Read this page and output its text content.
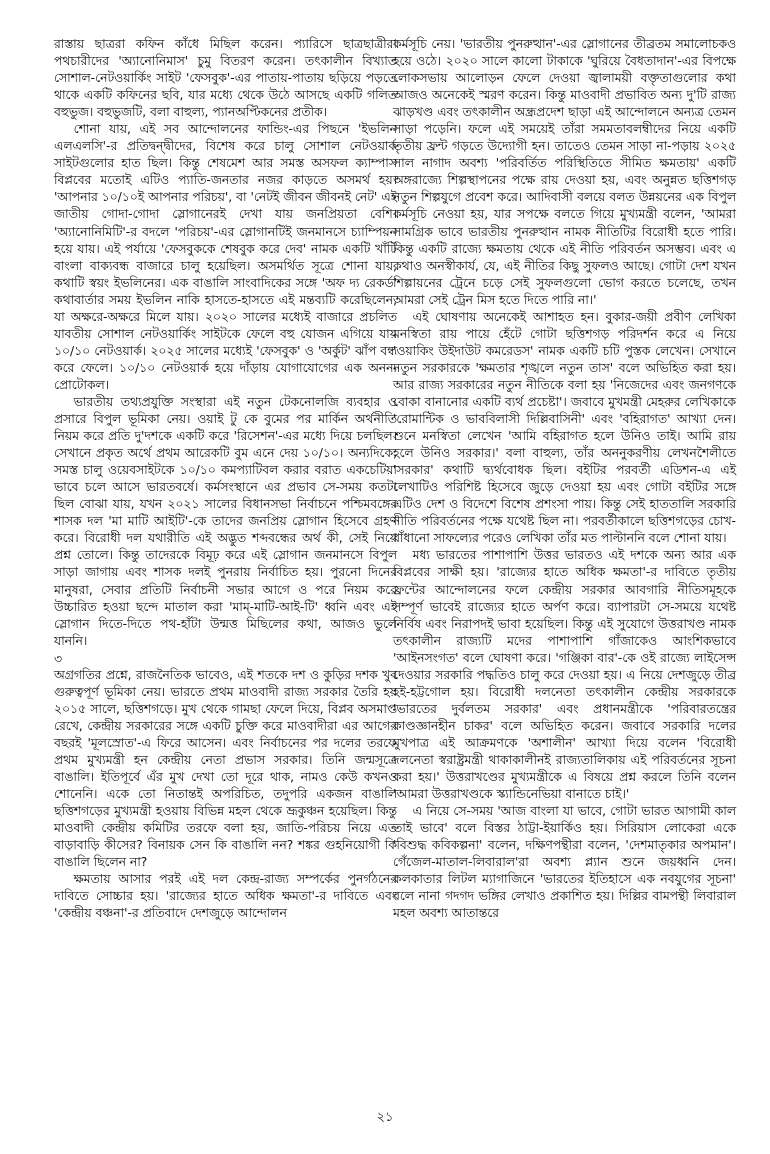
রাস্তায় ছাত্ররা কফিন কাঁধে মিছিল করেন। প্যারিসে ছাত্রছাত্রীরা পথচারীদের 'অ্যানোনিমাস' চুমু বিতরণ করেন। তৎকালীন বিখ্যাত সোশাল-নেটওয়ার্কিং সাইট 'ফেসবুক'-এর পাতায়-পাতায় ছড়িয়ে পড়তে থাকে একটি কফিনের ছবি, যার মধ্যে থেকে উঠে আসছে একটি গলিত বহুভুজ। বহুভুজটি, বলা বাহুল্য, প্যানঅপ্টিকনের প্রতীক।

শোনা যায়, এই সব আন্দোলনের ফান্ডিং-এর পিছনে 'ইভলিন এলএলসি'-র প্রতিদ্বন্দ্বীদের, বিশেষ করে চালু সোশাল নেটওয়ার্ক সাইটগুলোর হাত ছিল। কিন্তু শেষমেশ আর সমস্ত অসফল ক্যাম্পাস বিপ্লবের মতোই এটিও প্যাতি-জনতার নজর কাড়তে অসমর্থ হয়। 'আপনার ১০/১০ই আপনার পরিচয়', বা 'নেটই জীবন জীবনই নেট' এই জাতীয় গোদা-গোদা স্লোগানেরই দেখা যায় জনপ্রিয়তা বেশি। 'অ্যানোনিমিটি'-র বদলে 'পরিচয়'-এর স্লোগানটিই জনমানসে চ্যাম্পিয়ন হয়ে যায়। এই পর্যায়ে 'ফেসবুককে শেষবুক করে দেব' নামক একটি খাঁটি বাংলা বাক্যবন্ধ বাজারে চালু হয়েছিল। অসমর্থিত সূত্রে শোনা যায়, কথাটি স্বয়ং ইভলিনের। এক বাঙালি সাংবাদিকের সঙ্গে 'অফ দ্য রেকর্ড' কথাবার্তার সময় ইভলিন নাকি হাসতে-হাসতে এই মন্তব্যটি করেছিলেন, যা অক্ষরে-অক্ষরে মিলে যায়। ২০২০ সালের মধ্যেই বাজারে প্রচলিত যাবতীয় সোশাল নেটওয়ার্কিং সাইটকে ফেলে বহু যোজন এগিয়ে যায় ১০/১০ নেটওয়ার্ক। ২০২৫ সালের মধ্যেই 'ফেসবুক' ও 'অর্কুট' ঝাঁপ বন্ধ করে ফেলে। ১০/১০ নেটওয়ার্ক হয়ে দাঁড়ায় যোগাযোগের এক অনন্য প্রোটোকল।

ভারতীয় তথ্যপ্রযুক্তি সংস্থারা এই নতুন টেকনোলজি ব্যবহার ও প্রসারে বিপুল ভূমিকা নেয়। ওয়াই টু কে বুমের পর মার্কিন অর্থনীতি নিয়ম করে প্রতি দু'দশকে একটি করে 'রিসেশন'-এর মধ্যে দিয়ে চলছিল। সেখানে প্রকৃত অর্থে প্রথম আরেকটি বুম এনে দেয় ১০/১০। অন্যদিকে, সমস্ত চালু ওয়েবসাইটকে ১০/১০ কমপ্যাটিবল করার বরাত একচেটিয়া ভাবে চলে আসে ভারতবর্ষে। কর্মসংস্থানে এর প্রভাব সে-সময় কতটা ছিল বোঝা যায়, যখন ২০২১ সালের বিধানসভা নির্বাচনে পশ্চিমবঙ্গের শাসক দল 'মা মাটি আইটি'-কে তাদের জনপ্রিয় স্লোগান হিসেবে গ্রহণ করে। বিরোধী দল যথারীতি এই অদ্ভুত শব্দবন্ধের অর্থ কী, সেই নিয়ে প্রশ্ন তোলে। কিন্তু তাদেরকে বিমূঢ় করে এই স্লোগান জনমানসে বিপুল সাড়া জাগায় এবং শাসক দলই পুনরায় নির্বাচিত হয়। পুরনো দিনের মানুষরা, সেবার প্রতিটি নির্বাচনী সভার আগে ও পরে নিয়ম করে উচ্চারিত হওয়া ছন্দে মাতাল করা 'মাম্-মাটি-আই-টি' ধ্বনি এবং এই স্লোগান দিতে-দিতে পথ-হাঁটা উন্মত্ত মিছিলের কথা, আজও ভুলে যাননি।

৩

অগ্রগতির প্রশ্নে, রাজনৈতিক ভাবেও, এই শতকে দশ ও কুড়ির দশক খুব গুরুত্বপূর্ণ ভূমিকা নেয়। ভারতে প্রথম মাওবাদী রাজ্য সরকার তৈরি হয় ২০১৫ সালে, ছত্তিশগড়ে। মুখ থেকে গামছা ফেলে দিয়ে, বিপ্লব অসমাপ্ত রেখে, কেন্দ্রীয় সরকারের সঙ্গে একটি চুক্তি করে মাওবাদীরা এর আগের বছরই 'মূলস্রোত'-এ ফিরে আসেন। এবং নির্বাচনের পর দলের তরফে প্রথম মুখ্যমন্ত্রী হন কেন্দ্রীয় নেতা প্রভাস সরকার। তিনি জন্মসূত্রে বাঙালি। ইতিপূর্বে এঁর মুখ দেখা তো দূরে থাক, নামও কেউ কখনও শোনেনি। একে তো নিতান্তই অপরিচিত, তদুপরি একজন বাঙালি ছত্তিশগড়ের মুখ্যমন্ত্রী হওয়ায় বিভিন্ন মহল থেকে ভ্রূকুঞ্চন হয়েছিল। কিন্তু মাওবাদী কেন্দ্রীয় কমিটির তরফে বলা হয়, জাতি-পরিচয় নিয়ে এত বাড়াবাড়ি কীসের? বিনায়ক সেন কি বাঙালি নন? শঙ্কর গুহনিয়োগী কি বাঙালি ছিলেন না?

ক্ষমতায় আসার পরই এই দল কেন্দ্র-রাজ্য সম্পর্কের পুনর্গঠনের দাবিতে সোচ্চার হয়। 'রাজ্যের হাতে অধিক ক্ষমতা'-র দাবিতে এবং 'কেন্দ্রীয় বঞ্চনা'-র প্রতিবাদে দেশজুড়ে আন্দোলন

কর্মসূচি নেয়। 'ভারতীয় পুনরুত্থান'-এর স্লোগানের তীব্রতম সমালোচকও হয়ে ওঠে। ২০২০ সালে কালো টাকাকে 'ঘুরিয়ে বৈধতাদান'-এর বিপক্ষে লোকসভায় আলোড়ন ফেলে দেওয়া জ্বালাময়ী বক্তৃতাগুলোর কথা আজও অনেকেই স্মরণ করেন। কিন্তু মাওবাদী প্রভাবিত অন্য দু'টি রাজ্য ঝাড়খণ্ড এবং তৎকালীন অন্ধ্রপ্রদেশ ছাড়া এই আন্দোলনে অন্যত্র তেমন সাড়া পড়েনি। ফলে এই সময়েই তাঁরা সমমতাবলম্বীদের নিয়ে একটি তৃতীয় ফ্রন্ট গড়তে উদ্যোগী হন। তাতেও তেমন সাড়া না-পড়ায় ২০২৫ সাল নাগাদ অবশ্য 'পরিবর্তিত পরিস্থিতিতে সীমিত ক্ষমতায়' একটি অঙ্গরাজ্যে শিল্পস্থাপনের পক্ষে রায় দেওয়া হয়, এবং অনুন্নত ছত্তিশগড় নতুন শিল্পযুগে প্রবেশ করে। আদিবাসী বলয়ে বলত উন্নয়নের এক বিপুল কর্মসূচি নেওয়া হয়, যার সপক্ষে বলতে গিয়ে মুখ্যমন্ত্রী বলেন, 'আমরা সামগ্রিক ভাবে ভারতীয় পুনরুত্থান নামক নীতিটির বিরোধী হতে পারি। কিন্তু একটি রাজ্যে ক্ষমতায় থেকে এই নীতি পরিবর্তন অসম্ভব। এবং এ কথাও অনস্বীকার্য, যে, এই নীতির কিছু সুফলও আছে। গোটা দেশ যখন শিল্পায়নের ট্রেনে চড়ে সেই সুফলগুলো ভোগ করতে চলেছে, তখন আমরা সেই ট্রেন মিস হতে দিতে পারি না।'

এই ঘোষণায় অনেকেই আশাহত হন। বুকার-জয়ী প্রবীণ লেখিকা মনস্বিতা রায় পায়ে হেঁটে গোটা ছত্তিশগড় পরিদর্শন করে এ নিয়ে 'ওয়াকিং উইদাউট কমরেডস' নামক একটি চটি পুস্তক লেখেন। সেখানে নতুন সরকারকে 'ক্ষমতার শৃঙ্খলে নতুন তাস' বলে অভিহিত করা হয়। আর রাজ্য সরকারের নতুন নীতিকে বলা হয় 'নিজেদের এবং জনগণকে বোকা বানানোর একটি ব্যর্থ প্রচেষ্টা'। জবাবে মুখমন্ত্রী মেহরুর লেখিকাকে 'রোমান্টিক ও ভাববিলাসী দিল্লিবাসিনী' এবং 'বহিরাগত' আখ্যা দেন। শুনে মনস্বিতা লেখেন 'আমি বহিরাগত হলে উনিও তাই। আমি রায় হলে উনিও সরকার।' বলা বাহুল্য, তাঁর অননুকরণীয় লেখনশৈলীতে 'সরকার' কথাটি দ্ব্যর্থবোধক ছিল। বইটির পরবর্তী এডিশন-এ এই লেখাটিও পরিশিষ্ট হিসেবে জুড়ে দেওয়া হয় এবং গোটা বইটির সঙ্গে এটিও দেশ ও বিদেশে বিশেষ প্রশংসা পায়। কিন্তু সেই হাততালি সরকারি নীতি পরিবর্তনের পক্ষে যথেষ্ট ছিল না। পরবর্তীকালে ছত্তিশগড়ের চোখ-ধাঁধানো সাফল্যের পরেও লেখিকা তাঁর মত পাল্টাননি বলে শোনা যায়।

মধ্য ভারতের পাশাপাশি উত্তর ভারতও এই দশকে অন্য আর এক বিপ্লবের সাক্ষী হয়। 'রাজ্যের হাতে অধিক ক্ষমতা'-র দাবিতে তৃতীয় ফ্রন্টের আন্দোলনের ফলে কেন্দ্রীয় সরকার আবগারি নীতিসমূহকে সম্পূর্ণ ভাবেই রাজ্যের হাতে অর্পণ করে। ব্যাপারটা সে-সময়ে যথেষ্ট নির্বিষ এবং নিরাপদই ভাবা হয়েছিল। কিন্তু এই সুযোগে উত্তরাখণ্ড নামক তৎকালীন রাজ্যটি মদের পাশাপাশি গাঁজাকেও আংশিকভাবে 'আইনসংগত' বলে ঘোষণা করে। 'গঞ্জিকা বার'-কে ওই রাজ্যে লাইসেন্স দেওয়ার সরকারি পদ্ধতিও চালু করে দেওয়া হয়। এ নিয়ে দেশজুড়ে তীব্র হই-হট্টগোল হয়। বিরোধী দলনেতা তৎকালীন কেন্দ্রীয় সরকারকে 'ভারতের দুর্বলতম সরকার' এবং প্রধানমন্ত্রীকে 'পরিবারতন্ত্রের কাণ্ডজ্ঞানহীন চাকর' বলে অভিহিত করেন। জবাবে সরকারি দলের মুখপাত্র এই আক্রমণকে 'অশালীন' আখ্যা দিয়ে বলেন 'বিরোধী দলনেতা স্বরাষ্ট্রমন্ত্রী থাকাকালীনই রাজ্যতালিকায় এই পরিবর্তনের সূচনা করা হয়।' উত্তরাখণ্ডের মুখ্যমন্ত্রীকে এ বিষয়ে প্রশ্ন করলে তিনি বলেন 'আমরা উত্তরাখণ্ডকে স্ক্যান্ডিনেভিয়া বানাতে চাই।'

এ নিয়ে সে-সময় 'আজ বাংলা যা ভাবে, গোটা ভারত আগামী কাল তাই ভাবে' বলে বিস্তর ঠাট্টা-ইয়ার্কিও হয়। সিরিয়াস লোকেরা একে 'বিশুদ্ধ কবিকল্পনা' বলেন, দক্ষিণপন্থীরা বলেন, 'দেশমাতৃকার অপমান'। গেঁজেল-মাতাল-লিবারাল'রা অবশ্য প্ল্যান শুনে জয়ধ্বনি দেন। কলকাতার লিটল ম্যাগাজিনে 'ভারতের ইতিহাসে এক নবযুগের সূচনা' বলে নানা গদগদ ভঙ্গির লেখাও প্রকাশিত হয়। দিল্লির বামপন্থী লিবারাল মহল অবশ্য আতান্তরে

২১
